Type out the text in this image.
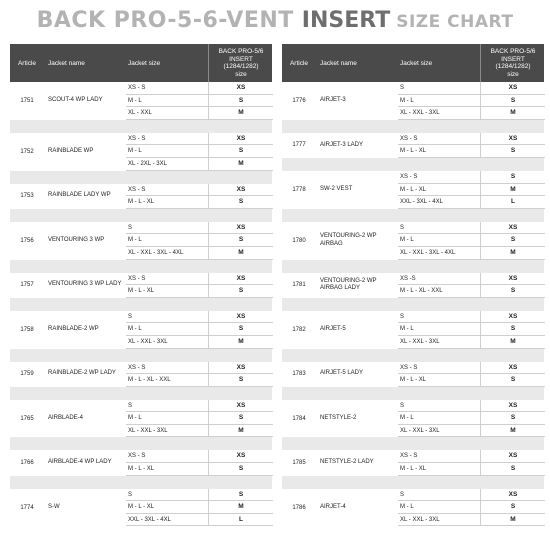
BACK PRO-5-6-VENT INSERT SIZE CHART
Article	Jacket name	Jacket size
BACK PRO-5/6
INSERT
(1284/1282)
size
1751	SCOUT-4 WP LADY
XS - S	XS
M - L	S
XL - XXL	M
1752	RAINBLADE WP
XS - S	XS
M - L	S
XL - 2XL - 3XL	M
1753	RAINBLADE LADY WP
XS - S	XS
M - L - XL	S
1756	VENTOURING 3 WP
S	XS
M - L	S
XL - XXL - 3XL - 4XL	M
1757	VENTOURING 3 WP LADY
XS - S	XS
M - L - XL	S
1758	RAINBLADE-2 WP
S	XS
M - L	S
XL - XXL - 3XL	M
1759	RAINBLADE-2 WP LADY
XS - S	XS
M - L - XL - XXL	S
1765	AIRBLADE-4
S	XS
M - L	S
XL - XXL - 3XL	M
1766	AIRBLADE-4 WP LADY
XS - S	XS
M - L - XL	S
1774	S-W
S	S
M - L - XL	M
XXL - 3XL - 4XL	L
Article	Jacket name	Jacket size
BACK PRO-5/6
INSERT
(1284/1282)
size
1776	AIRJET-3
S	XS
M - L	S
XL - XXL - 3XL	M
1777	AIRJET-3 LADY
XS - S	XS
M - L - XL	S
1778	SW-2 VEST
XS - S	S
M - L - XL	M
XXL - 3XL - 4XL	L
1780
VENTOURING-2 WP AIRBAG
S	XS
M - L	S
XL - XXL - 3XL - 4XL	M
1781
VENTOURING-2 WP AIRBAG LADY
XS -S	XS
M - L - XL - XXL	S
1782	AIRJET-5
S	XS
M - L	S
XL - XXL - 3XL	M
1783	AIRJET-5 LADY
XS - S	XS
M - L - XL	S
1784	NETSTYLE-2
S	XS
M - L	S
XL - XXL - 3XL	M
1785	NETSTYLE-2 LADY
XS - S	XS
M - L - XL	S
1786	AIRJET-4
S	XS
M - L	S
XL - XXL - 3XL	M
